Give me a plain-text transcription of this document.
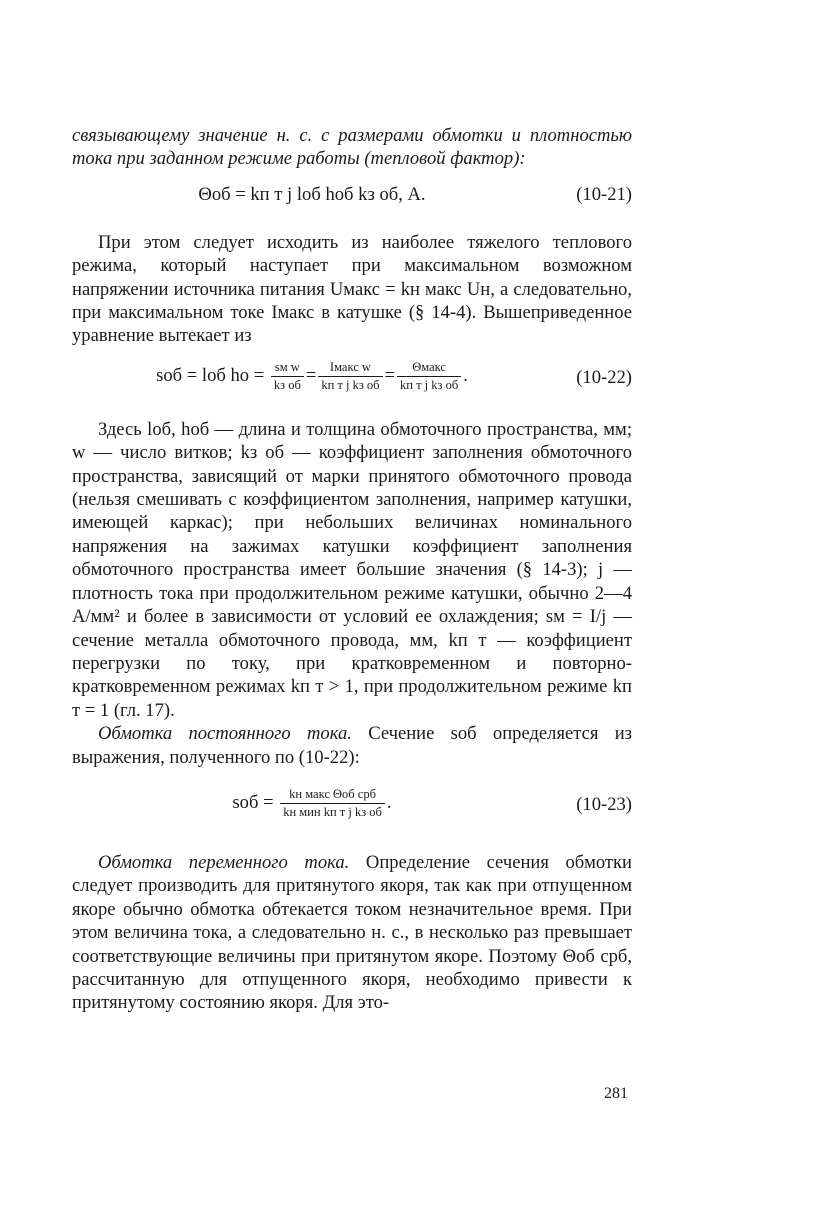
связывающему значение н. с. с размерами обмотки и плотностью тока при заданном режиме работы (тепловой фактор):

Θоб = kп т j lоб hоб kз об, А.	(10-21)

При этом следует исходить из наиболее тяжелого теплового режима, который наступает при максимальном возможном напряжении источника питания Uмакс = kн макс Uн, а следовательно, при максимальном токе Iмакс в катушке (§ 14-4). Вышеприведенное уравнение вытекает из

sоб = lоб hо = $\frac{\text{sм w}}{\text{kз об}} = \frac{\text{Iмакс w}}{\text{kп т j kз об}} = \frac{\text{Θмакс}}{\text{kп т j kз об}}$ .	(10-22)

Здесь lоб, hоб — длина и толщина обмоточного пространства, мм; w — число витков; kз об — коэффициент заполнения обмоточного пространства, зависящий от марки принятого обмоточного провода (нельзя смешивать с коэффициентом заполнения, например катушки, имеющей каркас); при небольших величинах номинального напряжения на зажимах катушки коэффициент заполнения обмоточного пространства имеет большие значения (§ 14-3); j — плотность тока при продолжительном режиме катушки, обычно 2—4 А/мм² и более в зависимости от условий ее охлаждения; sм = I/j — сечение металла обмоточного провода, мм, kп т — коэффициент перегрузки по току, при кратковременном и повторно-кратковременном режимах kп т > 1, при продолжительном режиме kп т = 1 (гл. 17).

Обмотка постоянного тока. Сечение sоб определяется из выражения, полученного по (10-22):

sоб = $\frac{\text{kн макс Θоб срб}}{\text{kн мин kп т j kз об}}$ .	(10-23)

Обмотка переменного тока. Определение сечения обмотки следует производить для притянутого якоря, так как при отпущенном якоре обычно обмотка обтекается током незначительное время. При этом величина тока, а следовательно н. с., в несколько раз превышает соответствующие величины при притянутом якоре. Поэтому Θоб срб, рассчитанную для отпущенного якоря, необходимо привести к притянутому состоянию якоря. Для это-

281
